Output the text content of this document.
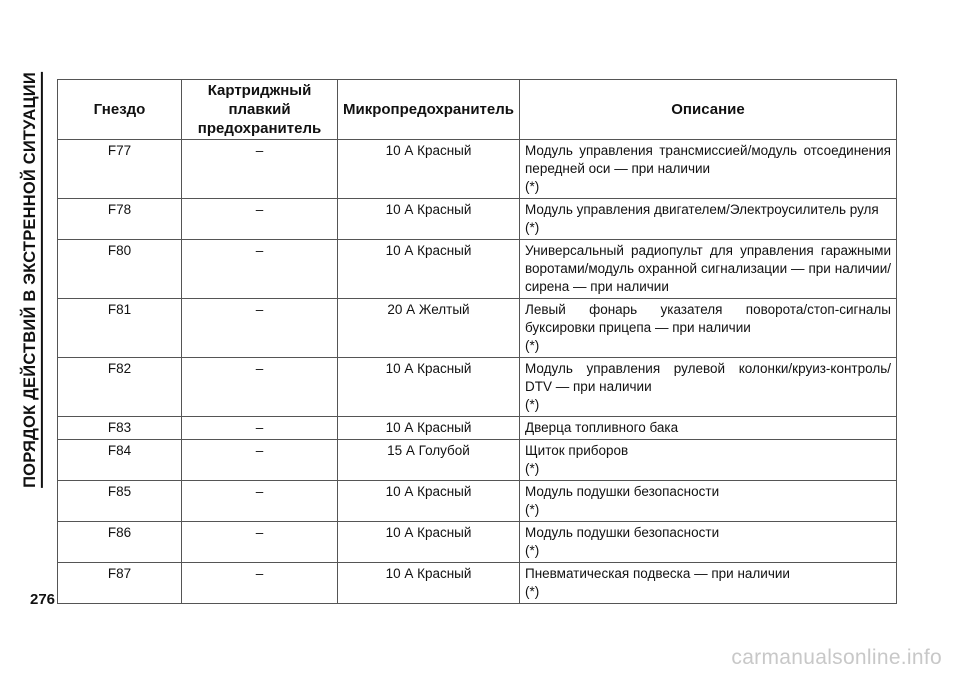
ПОРЯДОК ДЕЙСТВИЙ В ЭКСТРЕННОЙ СИТУАЦИИ	Гнездо	Картриджный плавкий предохранитель	Микропредохранитель	Описание
F77	–	10 А Красный	Модуль управления трансмиссией/модуль отсоединения передней оси — при наличии
(*)

F78	–	10 А Красный	Модуль управления двигателем/Электроусилитель руля
(*)

F80	–	10 А Красный	Универсальный радиопульт для управления гаражными воротами/модуль охранной сигнализации — при наличии/сирена — при наличии

F81	–	20 А Желтый	Левый фонарь указателя поворота/стоп-сигналы буксировки прицепа — при наличии
(*)

F82	–	10 А Красный	Модуль управления рулевой колонки/круиз-контроль/ DTV — при наличии
(*)

F83	–	10 А Красный	Дверца топливного бака

F84	–	15 А Голубой	Щиток приборов
(*)

F85	–	10 А Красный	Модуль подушки безопасности
(*)

F86	–	10 А Красный	Модуль подушки безопасности
(*)

F87	–	10 А Красный	Пневматическая подвеска — при наличии
(*)
276
carmanualsonline.info
